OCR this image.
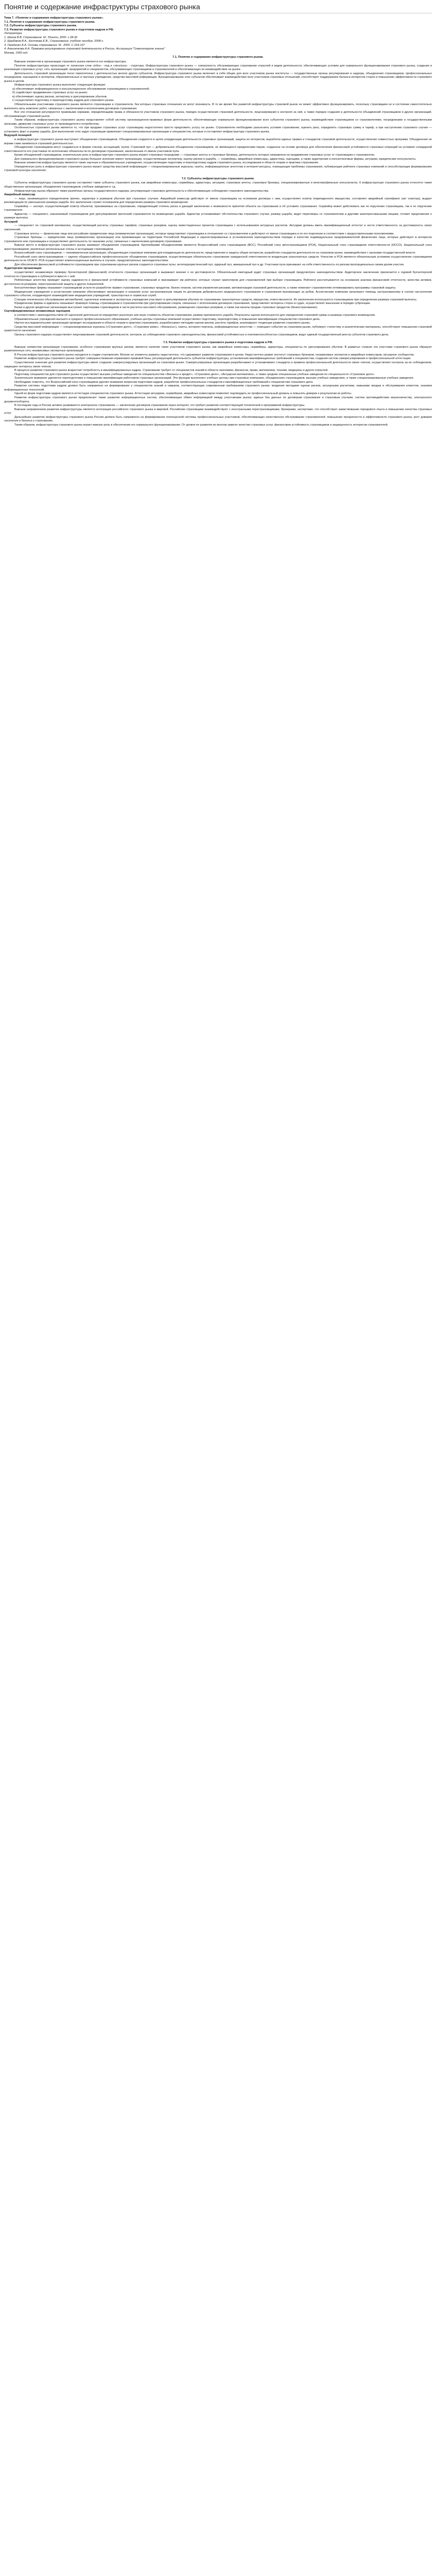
Понятие и содержание инфраструктуры страхового рынка
Тема 7. «Понятие и содержание инфраструктуры страхового рынка».
7.1. Понятие и содержание инфраструктуры страхового рынка.
7.2. Субъекты инфраструктуры страхового рынка.
7.3. Развитие инфраструктуры страхового рынка и подготовка кадров в РФ.
Литература
1. Шахов В.В. Страхование. М.: Юнити, 2000. с.28-32
2. Щербаков В.А., Костяева Е.В., Страхование: учебное пособие. 2008 г.
3. Гвозденко А.А. Основы страхования. М.: 2000. С.164-167
4. Алешенкова А.А. Правовое регулирование страховой деятельности в России. Ассоциация "Гуманитарное знание"
Москва, 1993 год.
7.1. Понятие и содержание инфраструктуры страхового рынка.
Важным элементом в организации страхового рынка является его инфраструктура.
Понятие инфраструктуры происходит от латинских слов «infra» - под и «structura» - структура. Инфраструктура страхового рынка — совокупность обслуживающих страхование отраслей и видов деятельности, обеспечивающих условия для нормального функционирования страхового рынка, создания и реализации страховых услуг; сеть организаций, предприятий и специалистов, обслуживающих страховщиков и страхователей и обеспечивающих их взаимодействие на рынке.
Деятельность страховой организации тесно переплетена с деятельностью многих других субъектов. Инфраструктура страхового рынка включает в себя общие для всех участников рынка институты — государственные органы регулирования и надзора, объединения страховщиков, профессиональных посредников, оценщиков и экспертов, образовательные и научные учреждения, средства массовой информации. Функционирование этих субъектов обеспечивает взаимодействие всех участников страховых отношений, способствует поддержанию баланса интересов сторон и повышению эффективности страхового рынка в целом.
Инфраструктура страхового рынка выполняет следующие функции:
а) обеспечивает информационное и консультационное обслуживание страховщиков и страхователей;
б) содействует продвижению страховых услуг на рынке;
в) обеспечивает оценку рисков, экспертизу и урегулирование убытков;
г) осуществляет подготовку и переподготовку кадров для страхового рынка.
Обязательными участниками страхового рынка являются страховщики и страхователи, без которых страховые отношения не могут возникнуть. В то же время без развитой инфраструктуры страховой рынок не может эффективно функционировать, поскольку страховщики не в состоянии самостоятельно выполнять весь комплекс работ, связанных с заключением и исполнением договоров страхования.
Все эти отношения регулируются правовыми нормами, определяющими права и обязанности участников страхового рынка, порядок осуществления страховой деятельности, лицензирования и контроля за ней, а также порядок создания и деятельности объединений страховщиков и других организаций, обслуживающих страховой рынок.
Таким образом, инфраструктура страхового рынка представляет собой систему организационно-правовых форм деятельности, обеспечивающих нормальное функционирование всех субъектов страхового рынка, взаимодействие страховщиков со страхователями, посредниками и государственными органами, движение страховых услуг от производителя к потребителю.
Особенностью страхового рынка является то, что при продаже страховых услуг страховщику недостаточно просто предложить услугу на рынке. Страхователю необходимо разъяснить условия страхования, оценить риск, определить страховую сумму и тариф, а при наступлении страхового случая — установить факт и размер ущерба. Для выполнения этих задач страховщик привлекает специализированные организации и специалистов, которые и составляют инфраструктуру страхового рынка.
Ведущей позицией
в инфраструктуре страхового рынка выступают объединения страховщиков. Объединения создаются в целях координации деятельности страховых организаций, защиты их интересов, выработки единых правил и стандартов страховой деятельности, осуществления совместных программ. Объединения не вправе сами заниматься страховой деятельностью.
Объединения страховщиков могут создаваться в форме союзов, ассоциаций, пулов. Страховой пул — добровольное объединение страховщиков, не являющееся юридическим лицом, созданное на основе договора для обеспечения финансовой устойчивости страховых операций на условиях солидарной ответственности его участников по исполнению обязательств по договорам страхования, заключенным от имени участников пула.
Кроме объединений страховщиков, значительную роль в инфраструктуре страхового рынка играют страховые посредники — страховые агенты и страховые брокеры, деятельность которых направлена на продвижение страховых услуг от страховщика к страхователю.
Для нормального функционирования страхового рынка большое значение имеют организации, осуществляющие экспертизу, оценку рисков и ущерба, — сюрвейеры, аварийные комиссары, аджастеры, оценщики, а также аудиторские и консалтинговые фирмы, актуарии, юридические консультанты.
Важным элементом инфраструктуры являются также научные и образовательные учреждения, осуществляющие подготовку и переподготовку кадров страхового рынка, исследования в области теории и практики страхования.
Определенную роль в инфраструктуре страхового рынка играют средства массовой информации — специализированные журналы, газеты, информационные агентства и интернет-ресурсы, освещающие проблемы страхования, публикующие рейтинги страховых компаний и способствующие формированию страховой культуры населения.
7.2. Субъекты инфраструктуры страхового рынка.
Субъекты инфраструктуры страхового рынка составляют такие субъекты страхового рынка, как аварийные комиссары, сюрвейеры, аджастеры, актуарии, страховые агенты, страховые брокеры, специализированные и многопрофильные консультанты. К инфраструктуре страхового рынка относятся также общественные организации, объединения страховщиков, учебные заведения и т.д.
Инфраструктуру рынка образуют также различные органы государственного надзора, регулирующие страховую деятельность и обеспечивающие соблюдение страхового законодательства.
Аварийный комиссар
— лицо, занимающееся определением причин, характера и размеров убытков при страховых случаях. Аварийный комиссар действует от имени страховщика на основании договора с ним, осуществляет осмотр поврежденного имущества, составляет аварийный сертификат (акт осмотра), выдает рекомендации по уменьшению размера ущерба. Его заключение служит основанием для определения размера страхового возмещения.
Сюрвейер — эксперт, осуществляющий осмотр объектов, принимаемых на страхование, определяющий степень риска и дающий заключение о возможности принятия объекта на страхование и об условиях страхования. Сюрвейер может действовать как по поручению страховщика, так и по поручению страхователя.
Аджастер — специалист, назначаемый страховщиком для урегулирования претензий страхователя по возмещению ущерба. Аджастер устанавливает обстоятельства страхового случая, размер ущерба, ведет переговоры со страхователем и другими заинтересованными лицами, готовит предложения о размере выплаты.
Актуарий
— специалист по страховой математике, осуществляющий расчеты страховых тарифов, страховых резервов, оценку инвестиционных проектов страховщика с использованием актуарных расчетов. Актуарии должны иметь квалификационный аттестат и нести ответственность за достоверность своих заключений.
Страховые агенты — физические лица или российские юридические лица (коммерческие организации), которые представляют страховщика в отношениях со страхователем и действуют от имени страховщика и по его поручению в соответствии с предоставленными полномочиями.
Страховые брокеры — юридические лица (коммерческие организации) или проживающие на территории Российской Федерации и зарегистрированные в установленном законодательством порядке в качестве индивидуальных предпринимателей физические лица, которые действуют в интересах страхователя или страховщика и осуществляют деятельность по оказанию услуг, связанных с заключением договоров страхования.
Важное место в инфраструктуре страхового рынка занимают объединения страховщиков. Крупнейшими объединениями являются Всероссийский союз страховщиков (ВСС), Российский союз автостраховщиков (РСА), Национальный союз страховщиков ответственности (НССО), Национальный союз агростраховщиков, различные региональные союзы и ассоциации страховщиков.
Всероссийский союз страховщиков — некоммерческая организация, объединяющая страховые компании для координации их деятельности, представления и защиты общих интересов, разработки стандартов деятельности на страховом рынке, взаимодействия с органами государственной власти.
Российский союз автостраховщиков — единое общероссийское профессиональное объединение страховщиков, осуществляющих обязательное страхование гражданской ответственности владельцев транспортных средств. Членство в РСА является обязательным условием осуществления страховщиком деятельности по ОСАГО. РСА осуществляет компенсационные выплаты в случаях, предусмотренных законодательством.
Для обеспечения финансовой устойчивости страховщиков при страховании крупных рисков создаются страховые пулы: антитеррористический пул, ядерный пул, авиационный пул и др. Участники пула принимают на себя ответственность по рискам пропорционально своим долям участия.
Аудиторские организации
осуществляют независимую проверку бухгалтерской (финансовой) отчетности страховых организаций и выражают мнение о ее достоверности. Обязательный ежегодный аудит страховых организаций предусмотрен законодательством. Аудиторское заключение прилагается к годовой бухгалтерской отчетности страховщика и публикуется вместе с ней.
Рейтинговые агентства проводят оценку надежности и финансовой устойчивости страховых компаний и присваивают им рейтинги, которые служат ориентиром для страхователей при выборе страховщика. Рейтинги рассчитываются на основании анализа финансовой отчетности, качества активов, достаточности резервов, перестраховочной защиты и других показателей.
Консалтинговые фирмы оказывают страховщикам услуги по разработке правил страхования, страховых продуктов, бизнес-планов, систем управления рисками, автоматизации страховой деятельности, а также помогают страхователям оптимизировать программы страховой защиты.
Медицинские учреждения и ассистанские компании обеспечивают организацию и оказание услуг застрахованным лицам по договорам добровольного медицинского страхования и страхования выезжающих за рубеж. Ассистанские компании организуют помощь застрахованному в случае наступления страхового события, координируют взаимодействие медицинских учреждений, транспортных и сервисных служб.
Станции технического обслуживания автомобилей, оценочные компании и экспертные учреждения участвуют в урегулировании убытков по страхованию транспортных средств, имущества, ответственности. Их заключения используются страховщиком при определении размера страховой выплаты.
Юридические фирмы и адвокаты оказывают правовую помощь страховщикам и страхователям при урегулировании споров, связанных с исполнением договоров страхования, представляют интересы сторон в судах, осуществляют взыскание в порядке суброгации.
Банки и другие кредитные организации выступают партнерами страховщиков в части расчетно-кассового обслуживания, размещения страховых резервов, а также как каналы продаж страховых продуктов (банкострахование).
Сертифицированные независимые оценщики
в соответствии с законодательством об оценочной деятельности определяют рыночную или иную стоимость объектов страхования, размер причиненного ущерба. Результаты оценки используются для определения страховой суммы и размера страхового возмещения.
Образовательные учреждения высшего и среднего профессионального образования, учебные центры страховых компаний осуществляют подготовку, переподготовку и повышение квалификации специалистов страхового дела.
Научно-исследовательские организации проводят исследования в области теории и практики страхования, разрабатывают методики оценки рисков, расчета тарифов, анализируют тенденции развития страхового рынка.
Средства массовой информации — специализированные журналы («Страховое дело», «Страховое ревю», «Финансы»), газеты, интернет-порталы, информационные агентства — освещают события на страховом рынке, публикуют статистику и аналитические материалы, способствуют повышению страховой грамотности населения.
Органы страхового надзора осуществляют лицензирование страховой деятельности, контроль за соблюдением страхового законодательства, финансовой устойчивостью и платежеспособностью страховщиков, ведут единый государственный реестр субъектов страхового дела.
7.3. Развитие инфраструктуры страхового рынка и подготовка кадров в РФ.
Важным элементом организации страхования, особенно страхования крупных рисков, является наличие таких участников страхового рынка, как аварийные комиссары, сюрвейеры, аджастеры, специалисты по урегулированию убытков. В развитых странах эти участники страхового рынка образуют разветвленную сеть независимых экспертных организаций.
В России инфраструктура страхового рынка находится в стадии становления. Многие ее элементы развиты недостаточно, что сдерживает развитие страхования в целом. Недостаточно развит институт страховых брокеров, независимых экспертов и аварийных комиссаров, актуарное сообщество.
Развитие инфраструктуры страхового рынка требует совершенствования нормативно-правовой базы, регулирующей деятельность субъектов инфраструктуры, установления квалификационных требований к специалистам, создания систем саморегулирования и профессиональной аттестации.
Существенное значение для развития инфраструктуры имеет создание саморегулируемых организаций на страховом рынке. Саморегулируемые организации разрабатывают и устанавливают стандарты и правила профессиональной деятельности своих членов, осуществляют контроль за их соблюдением, защищают интересы своих членов.
В процессе развития страхового рынка возрастает потребность в квалифицированных кадрах. Страхование требует от специалистов знаний в области экономики, финансов, права, математики, техники, медицины и других отраслей.
Подготовку специалистов для страхового рынка осуществляют высшие учебные заведения по специальностям «Финансы и кредит», «Страховое дело», «Актуарная математика», а также средние специальные учебные заведения по специальности «Страховое дело».
Значительное внимание уделяется переподготовке и повышению квалификации работников страховых организаций. Эти функции выполняют учебные центры при страховых компаниях, объединениях страховщиков, высших учебных заведениях, а также специализированные учебные заведения.
Необходимо отметить, что Всероссийский союз страховщиков уделяет внимание вопросам подготовки кадров, разработке профессиональных стандартов и квалификационных требований к специалистам страхового дела.
Развитие системы подготовки кадров должно быть направлено на формирование у специалистов знаний и навыков, соответствующих современным требованиям страхового рынка: владения методами оценки рисков, актуарными расчетами, навыками продаж и обслуживания клиентов, знанием информационных технологий.
Одной из форм подготовки кадров является аттестация специалистов страхового рынка. Аттестация актуариев, сюрвейеров, аварийных комиссаров позволяет подтвердить их профессиональный уровень и повысить доверие к результатам их работы.
Развитие инфраструктуры страхового рынка предполагает также развитие информационных систем, обеспечивающих обмен информацией между участниками рынка: единых баз данных по договорам страхования и страховым случаям, систем противодействия мошенничеству, электронного документооборота.
В последние годы в России активно развивается электронное страхование — заключение договоров страхования через интернет, что требует развития соответствующей технической и программной инфраструктуры.
Важным направлением развития инфраструктуры является интеграция российского страхового рынка в мировой. Российские страховщики взаимодействуют с иностранными перестраховщиками, брокерами, экспертами, что способствует заимствованию передового опыта и повышению качества страховых услуг.
Дальнейшее развитие инфраструктуры страхового рынка России должно быть направлено на формирование полноценной системы профессиональных участников, обеспечивающих качественное обслуживание страхователей, повышение прозрачности и эффективности страхового рынка, рост доверия населения и бизнеса к страхованию.
Таким образом, инфраструктура страхового рынка играет важную роль в обеспечении его нормального функционирования. От уровня ее развития во многом зависят качество страховых услуг, финансовая устойчивость страховщиков и защищенность интересов страхователей.
